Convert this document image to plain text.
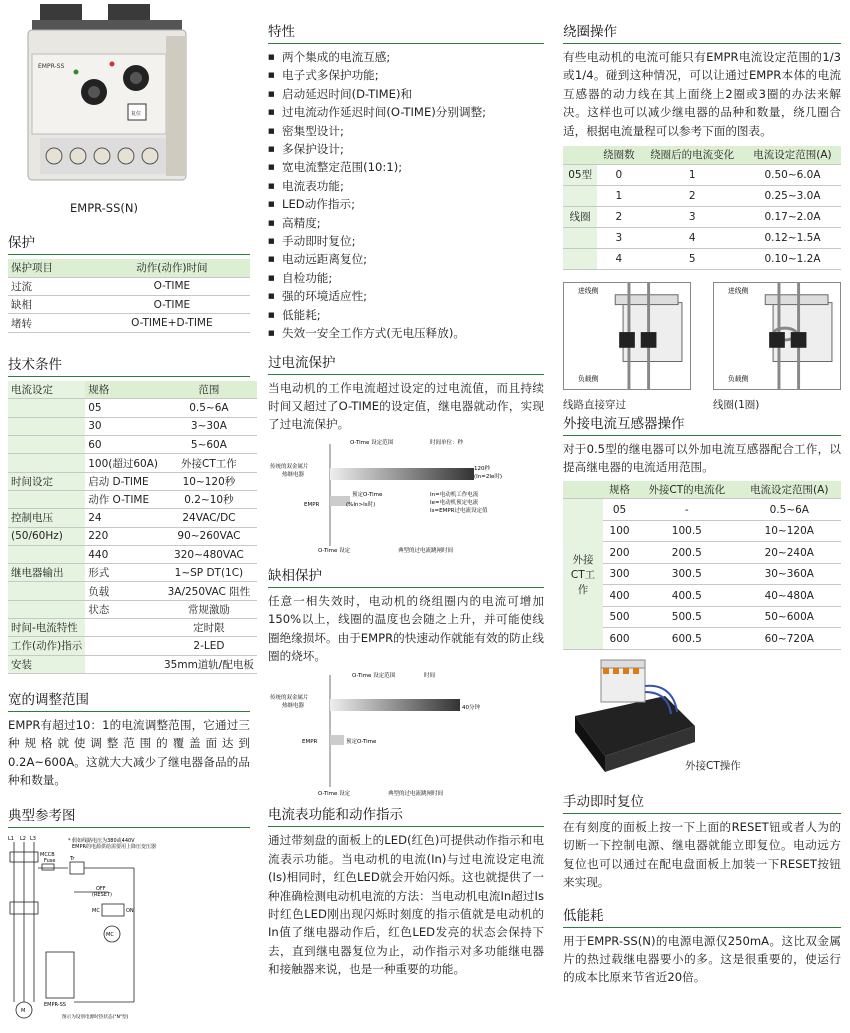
EMPR-SS
复位
EMPR-SS(N)
保护
保护项目	动作(动作)时间
过流	O-TIME
缺相	O-TIME
堵转	O-TIME+D-TIME
技术条件
电流设定	规格	范围
	05	0.5~6A
	30	3~30A
	60	5~60A
	100(超过60A)	外接CT工作
时间设定	启动 D-TIME	10~120秒
	动作 O-TIME	0.2~10秒
控制电压	24	24VAC/DC
(50/60Hz)	220	90~260VAC
	440	320~480VAC
继电器输出	形式	1~SP DT(1C)
	负载	3A/250VAC 阻性
	状态	常规激励
时间-电流特性		定时限
工作(动作)指示		2-LED
安装		35mm道轨/配电板
宽的调整范围
EMPR有超过10：1的电流调整范围，它通过三种规格就使调整范围的覆盖面达到0.2A~600A。这就大大减少了继电器备品的品种和数量。
典型参考图
L1 L2 L3
MCCB
Fuse	Tr
OFF
(RESET)
MC	ON
MC
EMPR-SS
M
* 假如线路电压为380或440V
EMPR的电源供给需要用上降压变压器
图示为设别电源时热状态("N"型)
特性
■ 两个集成的电流互感;
■ 电子式多保护功能;
■ 启动延迟时间(D-TIME)和
■ 过电流动作延迟时间(O-TIME)分别调整;
■ 密集型设计;
■ 多保护设计;
■ 宽电流整定范围(10:1);
■ 电流表功能;
■ LED动作指示;
■ 高精度;
■ 手动即时复位;
■ 电动远距离复位;
■ 自检功能;
■ 强的环境适应性;
■ 低能耗;
■ 失效一安全工作方式(无电压释放)。
过电流保护
当电动机的工作电流超过设定的过电流值，而且持续时间又超过了O-TIME的设定值，继电器就动作，实现了过电流保护。
O-Time 设定范围	时间单位：秒
传统的双金属片
热继电器
120秒
(In=2Ie时)
EMPR
预定O-Time
(%In>Is时)
In=电动机工作电流
Ie=电动机预定电流
Is=EMPR过电流设定值
O-Time 设定	典型的过电流跳闸时间
缺相保护
任意一相失效时，电动机的绕组圈内的电流可增加150%以上，线圈的温度也会随之上升，并可能使线圈绝缘损坏。由于EMPR的快速动作就能有效的防止线圈的烧坏。
O-Time 设定范围	时间
传统的双金属片
热继电器	40分钟
EMPR	预定O-Time
O-Time 设定	典型的过电流跳闸时间
电流表功能和动作指示
通过带刻盘的面板上的LED(红色)可提供动作指示和电流表示功能。当电动机的电流(In)与过电流设定电流(Is)相同时，红色LED就会开始闪烁。这也就提供了一种准确检测电动机电流的方法：当电动机电流In超过Is时红色LED刚出现闪烁时刻度的指示值就是电动机的In值了继电器动作后，红色LED发亮的状态会保持下去，直到继电器复位为止，动作指示对多功能继电器和接触器来说，也是一种重要的功能。
绕圈操作
有些电动机的电流可能只有EMPR电流设定范围的1/3或1/4。碰到这种情况，可以让通过EMPR本体的电流互感器的动力线在其上面绕上2圈或3圈的办法来解决。这样也可以减少继电器的品种和数量，绕几圈合适，根据电流量程可以参考下面的图表。
	绕圈数	绕圈后的电流变化	电流设定范围(A)
05型	0	1	0.50~6.0A
	1	2	0.25~3.0A
线圈	2	3	0.17~2.0A
	3	4	0.12~1.5A
	4	5	0.10~1.2A
进线侧
负载侧
线路直接穿过
进线侧
负载侧
线圈(1圈)
外接电流互感器操作
对于0.5型的继电器可以外加电流互感器配合工作，以提高继电器的电流适用范围。
	规格	外接CT的电流化	电流设定范围(A)
外接CT工作	05	-	0.5~6A
	100	100.5	10~120A
	200	200.5	20~240A
	300	300.5	30~360A
	400	400.5	40~480A
	500	500.5	50~600A
	600	600.5	60~720A
外接CT操作
手动即时复位
在有刻度的面板上按一下上面的RESET钮或者人为的切断一下控制电源、继电器就能立即复位。电动远方复位也可以通过在配电盘面板上加装一下RESET按钮来实现。
低能耗
用于EMPR-SS(N)的电源电源仅250mA。这比双金属片的热过载继电器要小的多。这是很重要的，使运行的成本比原来节省近20倍。
